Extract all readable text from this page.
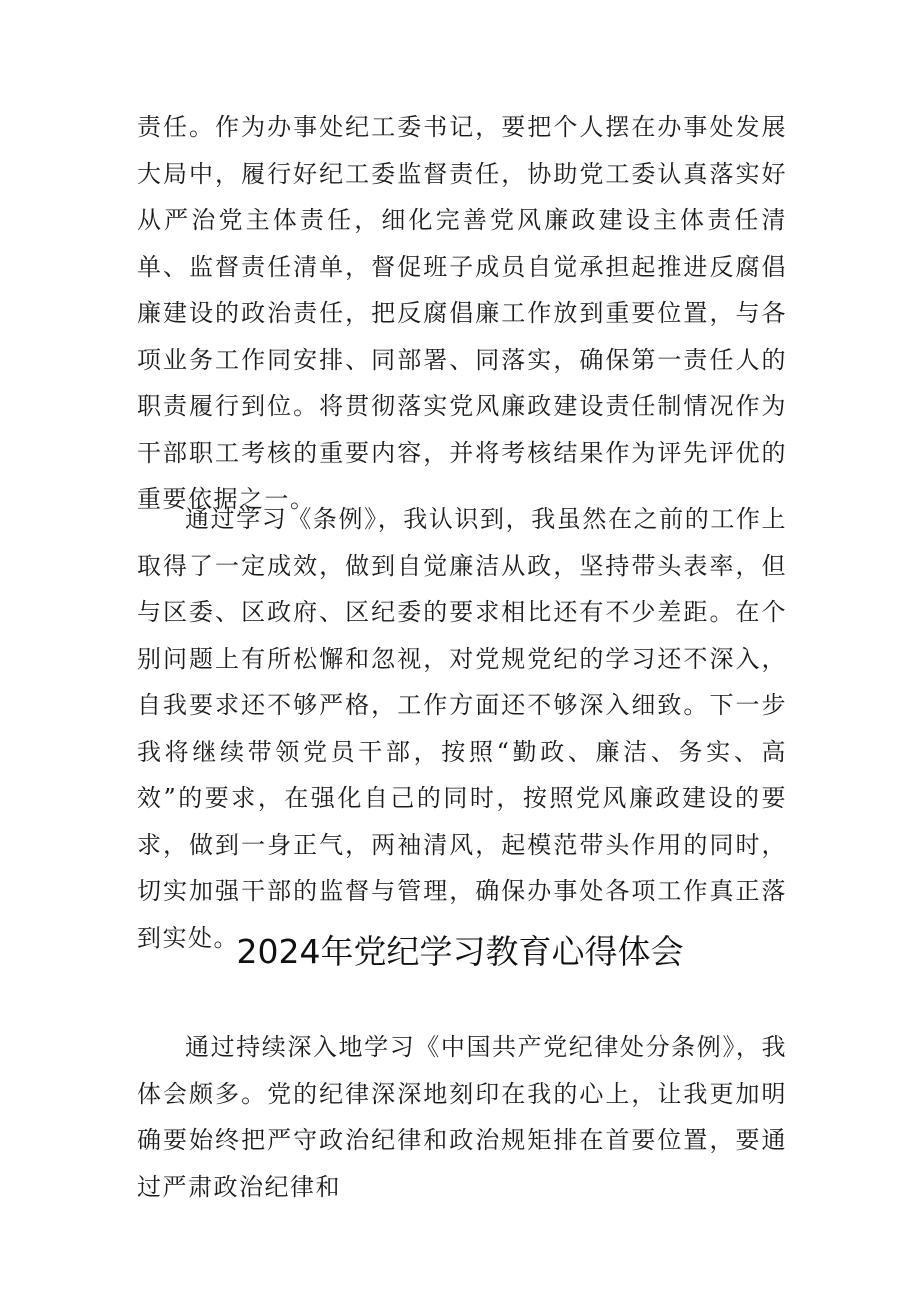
责任。作为办事处纪工委书记，要把个人摆在办事处发展大局中，履行好纪工委监督责任，协助党工委认真落实好从严治党主体责任，细化完善党风廉政建设主体责任清单、监督责任清单，督促班子成员自觉承担起推进反腐倡廉建设的政治责任，把反腐倡廉工作放到重要位置，与各项业务工作同安排、同部署、同落实，确保第一责任人的职责履行到位。将贯彻落实党风廉政建设责任制情况作为干部职工考核的重要内容，并将考核结果作为评先评优的重要依据之一。

通过学习《条例》，我认识到，我虽然在之前的工作上取得了一定成效，做到自觉廉洁从政，坚持带头表率，但与区委、区政府、区纪委的要求相比还有不少差距。在个别问题上有所松懈和忽视，对党规党纪的学习还不深入，自我要求还不够严格，工作方面还不够深入细致。下一步我将继续带领党员干部，按照“勤政、廉洁、务实、高效”的要求，在强化自己的同时，按照党风廉政建设的要求，做到一身正气，两袖清风，起模范带头作用的同时，切实加强干部的监督与管理，确保办事处各项工作真正落到实处。

2024年党纪学习教育心得体会

通过持续深入地学习《中国共产党纪律处分条例》，我体会颇多。党的纪律深深地刻印在我的心上，让我更加明确要始终把严守政治纪律和政治规矩排在首要位置，要通过严肃政治纪律和
